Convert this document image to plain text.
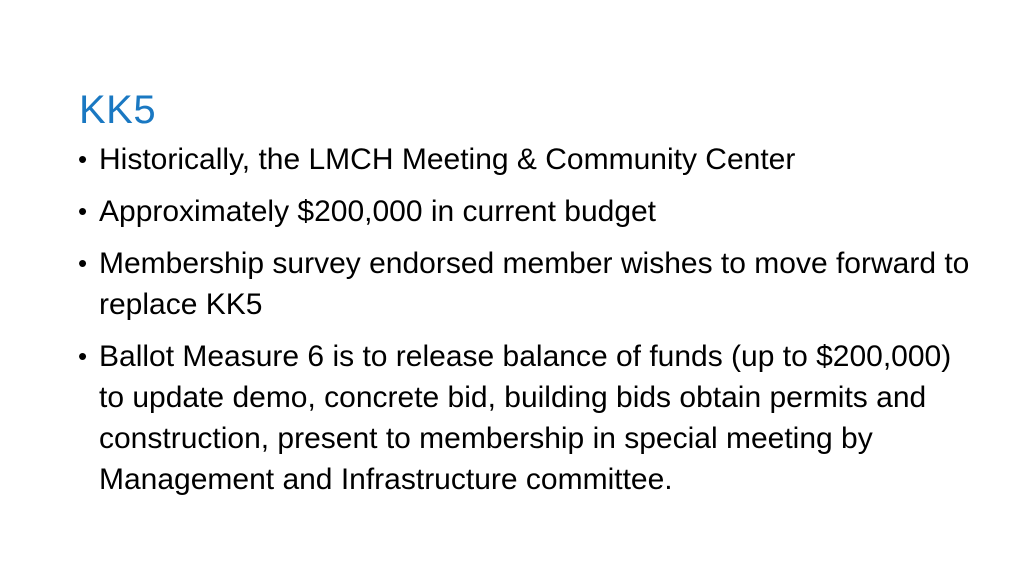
KK5
• Historically, the LMCH Meeting & Community Center
• Approximately $200,000 in current budget
• Membership survey endorsed member wishes to move forward to replace KK5
• Ballot Measure 6 is to release balance of funds (up to $200,000) to update demo, concrete bid, building bids obtain permits and construction, present to membership in special meeting by Management and Infrastructure committee.
